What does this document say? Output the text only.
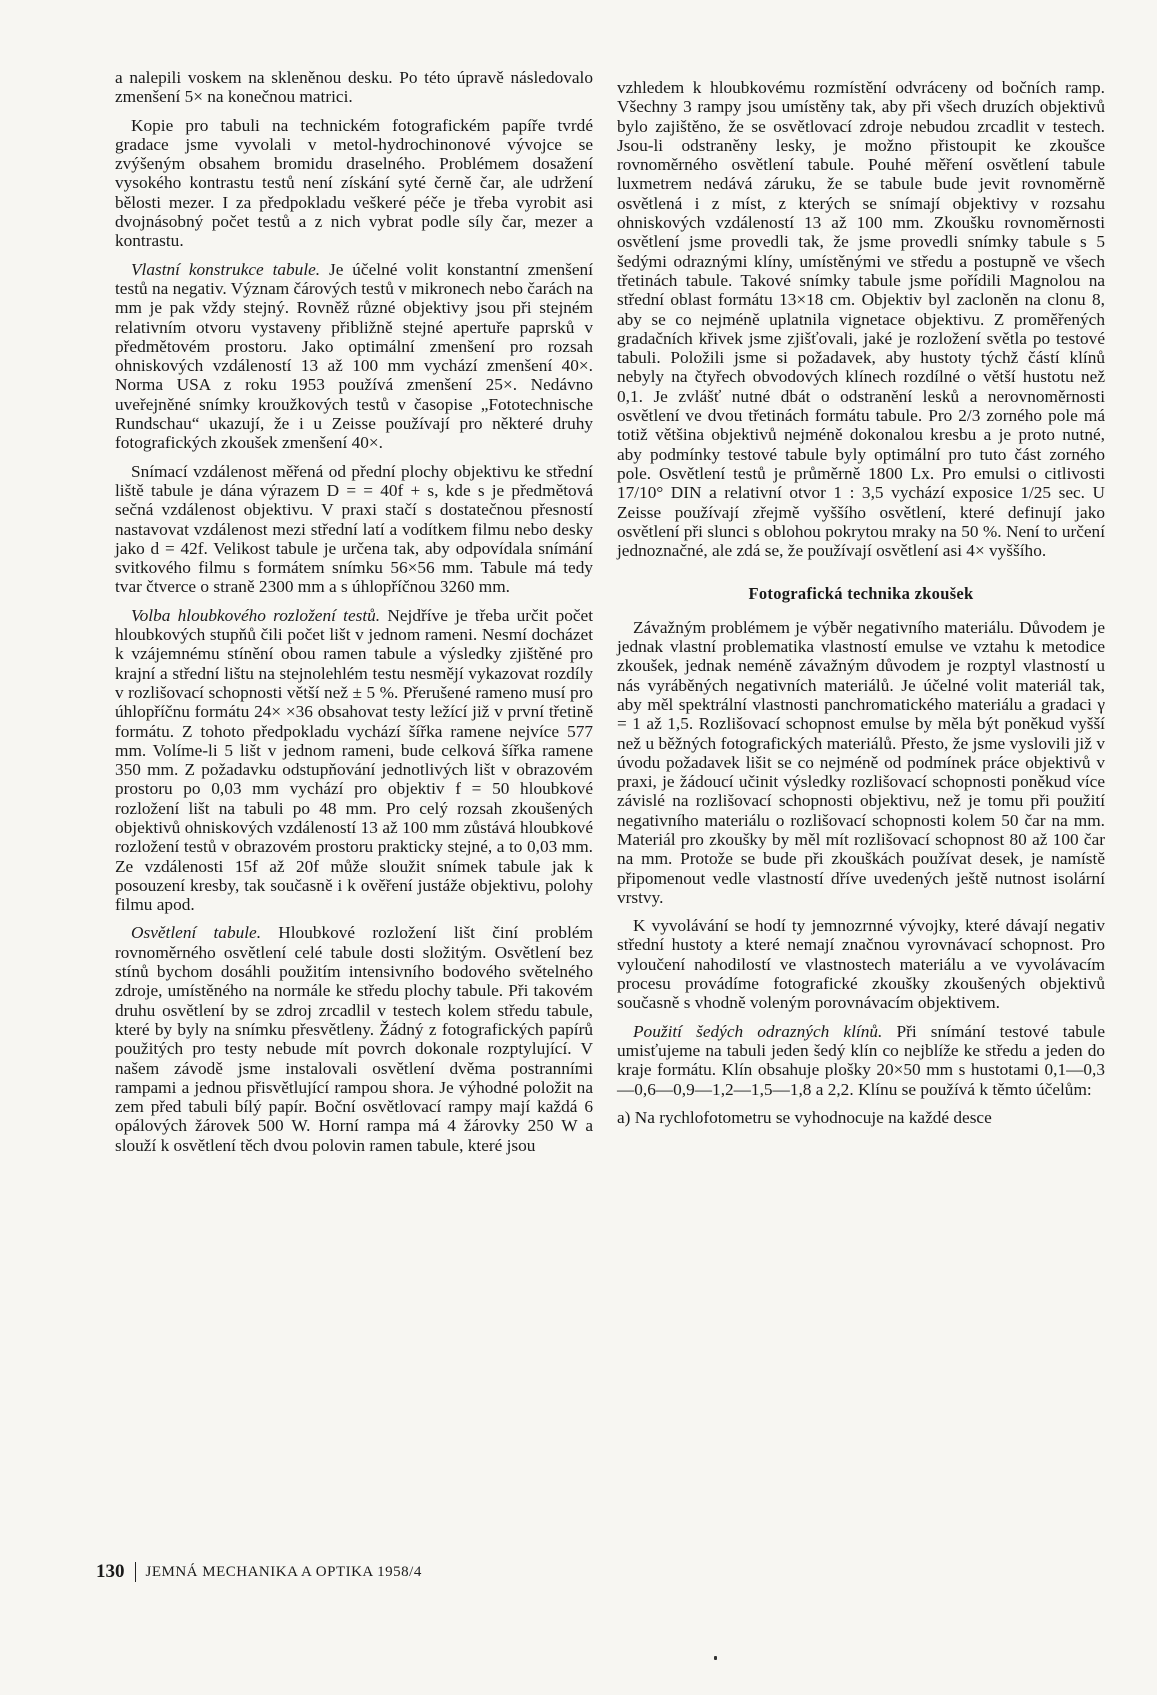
a nalepili voskem na skleněnou desku. Po této úpravě následovalo zmenšení 5× na konečnou matrici.

Kopie pro tabuli na technickém fotografickém papíře tvrdé gradace jsme vyvolali v metol-hydrochinonové vývojce se zvýšeným obsahem bromidu draselného. Problémem dosažení vysokého kontrastu testů není získání syté černě čar, ale udržení bělosti mezer. I za předpokladu veškeré péče je třeba vyrobit asi dvojnásobný počet testů a z nich vybrat podle síly čar, mezer a kontrastu.

Vlastní konstrukce tabule. Je účelné volit konstantní zmenšení testů na negativ. Význam čárových testů v mikronech nebo čarách na mm je pak vždy stejný. Rovněž různé objektivy jsou při stejném relativním otvoru vystaveny přibližně stejné apertuře paprsků v předmětovém prostoru. Jako optimální zmenšení pro rozsah ohniskových vzdáleností 13 až 100 mm vychází zmenšení 40×. Norma USA z roku 1953 používá zmenšení 25×. Nedávno uveřejněné snímky kroužkových testů v časopise „Fototechnische Rundschau“ ukazují, že i u Zeisse používají pro některé druhy fotografických zkoušek zmenšení 40×.

Snímací vzdálenost měřená od přední plochy objektivu ke střední liště tabule je dána výrazem D = = 40f + s, kde s je předmětová sečná vzdálenost objektivu. V praxi stačí s dostatečnou přesností nastavovat vzdálenost mezi střední latí a vodítkem filmu nebo desky jako d = 42f. Velikost tabule je určena tak, aby odpovídala snímání svitkového filmu s formátem snímku 56×56 mm. Tabule má tedy tvar čtverce o straně 2300 mm a s úhlopříčnou 3260 mm.

Volba hloubkového rozložení testů. Nejdříve je třeba určit počet hloubkových stupňů čili počet lišt v jednom rameni. Nesmí docházet k vzájemnému stínění obou ramen tabule a výsledky zjištěné pro krajní a střední lištu na stejnolehlém testu nesmějí vykazovat rozdíly v rozlišovací schopnosti větší než ± 5 %. Přerušené rameno musí pro úhlopříčnu formátu 24× ×36 obsahovat testy ležící již v první třetině formátu. Z tohoto předpokladu vychází šířka ramene nejvíce 577 mm. Volíme-li 5 lišt v jednom rameni, bude celková šířka ramene 350 mm. Z požadavku odstupňování jednotlivých lišt v obrazovém prostoru po 0,03 mm vychází pro objektiv f = 50 hloubkové rozložení lišt na tabuli po 48 mm. Pro celý rozsah zkoušených objektivů ohniskových vzdáleností 13 až 100 mm zůstává hloubkové rozložení testů v obrazovém prostoru prakticky stejné, a to 0,03 mm. Ze vzdálenosti 15f až 20f může sloužit snímek tabule jak k posouzení kresby, tak současně i k ověření justáže objektivu, polohy filmu apod.

Osvětlení tabule. Hloubkové rozložení lišt činí problém rovnoměrného osvětlení celé tabule dosti složitým. Osvětlení bez stínů bychom dosáhli použitím intensivního bodového světelného zdroje, umístěného na normále ke středu plochy tabule. Při takovém druhu osvětlení by se zdroj zrcadlil v testech kolem středu tabule, které by byly na snímku přesvětleny. Žádný z fotografických papírů použitých pro testy nebude mít povrch dokonale rozptylující. V našem závodě jsme instalovali osvětlení dvěma postranními rampami a jednou přisvětlující rampou shora. Je výhodné položit na zem před tabuli bílý papír. Boční osvětlovací rampy mají každá 6 opálových žárovek 500 W. Horní rampa má 4 žárovky 250 W a slouží k osvětlení těch dvou polovin ramen tabule, které jsou

vzhledem k hloubkovému rozmístění odvráceny od bočních ramp. Všechny 3 rampy jsou umístěny tak, aby při všech druzích objektivů bylo zajištěno, že se osvětlovací zdroje nebudou zrcadlit v testech. Jsou-li odstraněny lesky, je možno přistoupit ke zkoušce rovnoměrného osvětlení tabule. Pouhé měření osvětlení tabule luxmetrem nedává záruku, že se tabule bude jevit rovnoměrně osvětlená i z míst, z kterých se snímají objektivy v rozsahu ohniskových vzdáleností 13 až 100 mm. Zkoušku rovnoměrnosti osvětlení jsme provedli tak, že jsme provedli snímky tabule s 5 šedými odraznými klíny, umístěnými ve středu a postupně ve všech třetinách tabule. Takové snímky tabule jsme pořídili Magnolou na střední oblast formátu 13×18 cm. Objektiv byl zacloněn na clonu 8, aby se co nejméně uplatnila vignetace objektivu. Z proměřených gradačních křivek jsme zjišťovali, jaké je rozložení světla po testové tabuli. Položili jsme si požadavek, aby hustoty týchž částí klínů nebyly na čtyřech obvodových klínech rozdílné o větší hustotu než 0,1. Je zvlášť nutné dbát o odstranění lesků a nerovnoměrnosti osvětlení ve dvou třetinách formátu tabule. Pro 2/3 zorného pole má totiž většina objektivů nejméně dokonalou kresbu a je proto nutné, aby podmínky testové tabule byly optimální pro tuto část zorného pole. Osvětlení testů je průměrně 1800 Lx. Pro emulsi o citlivosti 17/10° DIN a relativní otvor 1 : 3,5 vychází exposice 1/25 sec. U Zeisse používají zřejmě vyššího osvětlení, které definují jako osvětlení při slunci s oblohou pokrytou mraky na 50 %. Není to určení jednoznačné, ale zdá se, že používají osvětlení asi 4× vyššího.

Fotografická technika zkoušek

Závažným problémem je výběr negativního materiálu. Důvodem je jednak vlastní problematika vlastností emulse ve vztahu k metodice zkoušek, jednak neméně závažným důvodem je rozptyl vlastností u nás vyráběných negativních materiálů. Je účelné volit materiál tak, aby měl spektrální vlastnosti panchromatického materiálu a gradaci γ = 1 až 1,5. Rozlišovací schopnost emulse by měla být poněkud vyšší než u běžných fotografických materiálů. Přesto, že jsme vyslovili již v úvodu požadavek lišit se co nejméně od podmínek práce objektivů v praxi, je žádoucí učinit výsledky rozlišovací schopnosti poněkud více závislé na rozlišovací schopnosti objektivu, než je tomu při použití negativního materiálu o rozlišovací schopnosti kolem 50 čar na mm. Materiál pro zkoušky by měl mít rozlišovací schopnost 80 až 100 čar na mm. Protože se bude při zkouškách používat desek, je namístě připomenout vedle vlastností dříve uvedených ještě nutnost isolární vrstvy.

K vyvolávání se hodí ty jemnozrnné vývojky, které dávají negativ střední hustoty a které nemají značnou vyrovnávací schopnost. Pro vyloučení nahodilostí ve vlastnostech materiálu a ve vyvolávacím procesu provádíme fotografické zkoušky zkoušených objektivů současně s vhodně voleným porovnávacím objektivem.

Použití šedých odrazných klínů. Při snímání testové tabule umisťujeme na tabuli jeden šedý klín co nejblíže ke středu a jeden do kraje formátu. Klín obsahuje plošky 20×50 mm s hustotami 0,1—0,3—0,6—0,9—1,2—1,5—1,8 a 2,2. Klínu se používá k těmto účelům:

a) Na rychlofotometru se vyhodnocuje na každé desce

130 JEMNÁ MECHANIKA A OPTIKA 1958/4
